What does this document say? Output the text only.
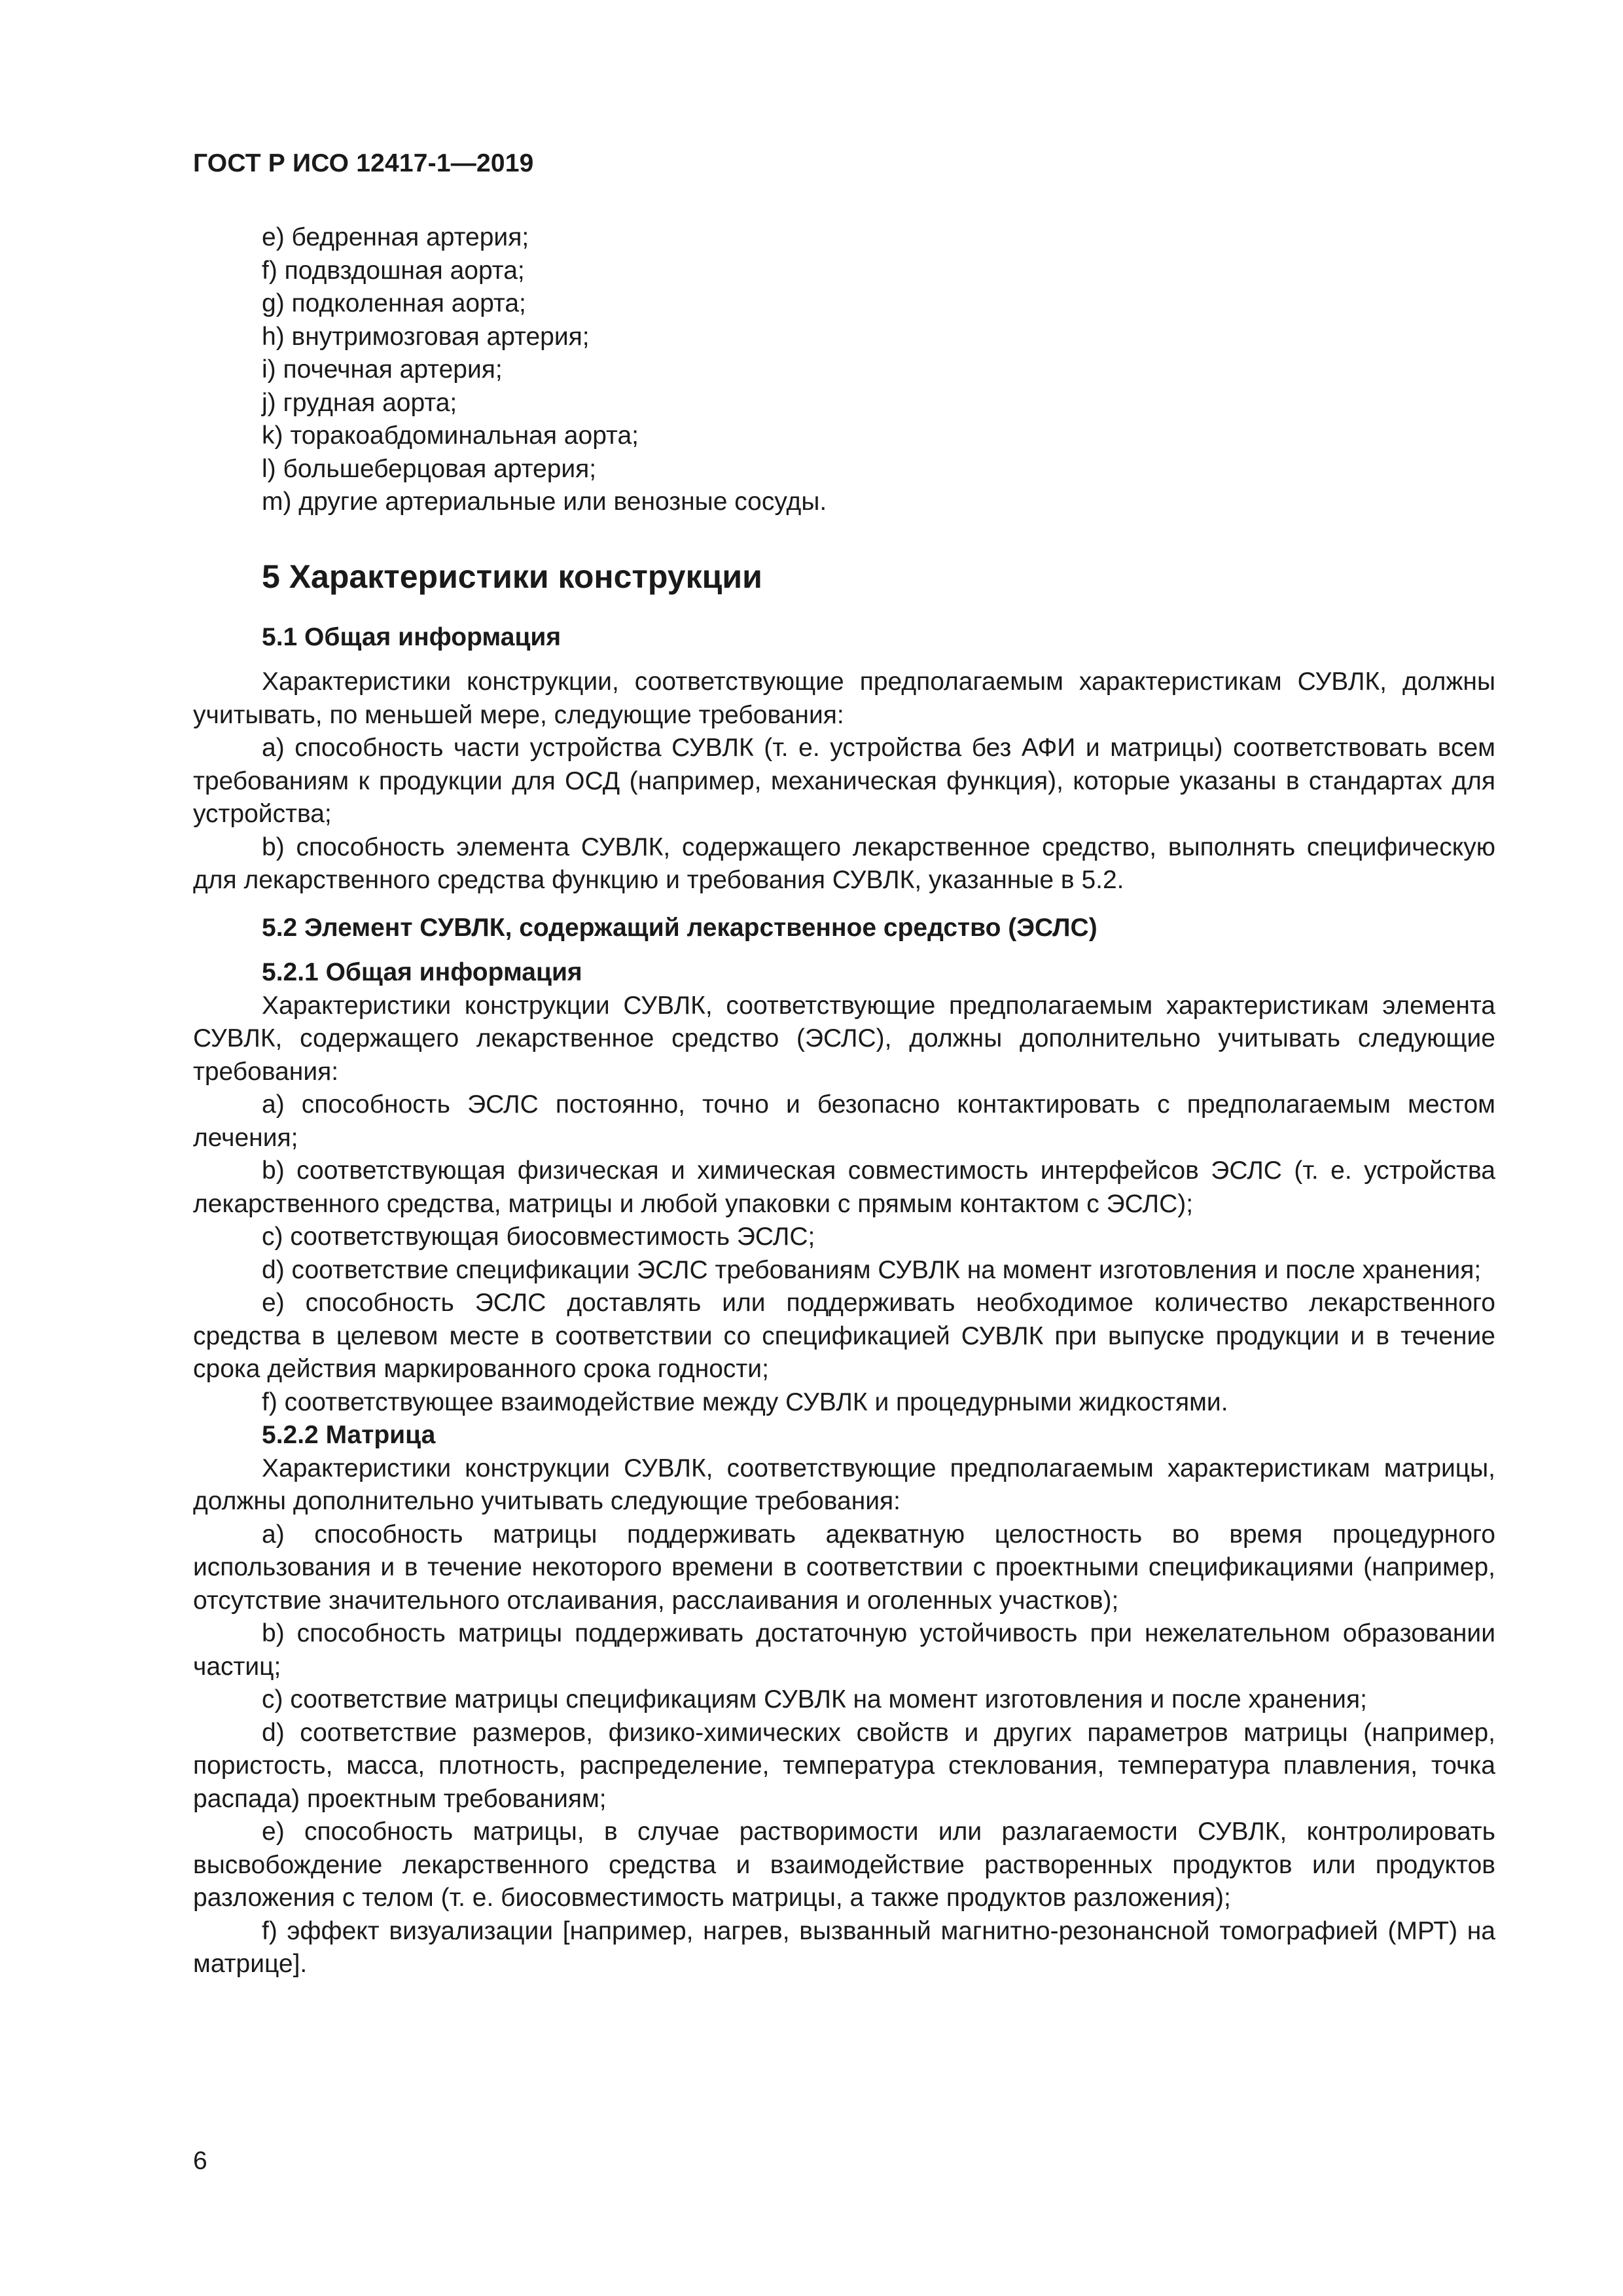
ГОСТ Р ИСО 12417-1—2019
e) бедренная артерия;
f) подвздошная аорта;
g) подколенная аорта;
h) внутримозговая артерия;
i) почечная артерия;
j) грудная аорта;
k) торакоабдоминальная аорта;
l) большеберцовая артерия;
m) другие артериальные или венозные сосуды.
5 Характеристики конструкции
5.1 Общая информация

Характеристики конструкции, соответствующие предполагаемым характеристикам СУВЛК, должны учитывать, по меньшей мере, следующие требования:

a) способность части устройства СУВЛК (т. е. устройства без АФИ и матрицы) соответствовать всем требованиям к продукции для ОСД (например, механическая функция), которые указаны в стандартах для устройства;

b) способность элемента СУВЛК, содержащего лекарственное средство, выполнять специфическую для лекарственного средства функцию и требования СУВЛК, указанные в 5.2.

5.2 Элемент СУВЛК, содержащий лекарственное средство (ЭСЛС)
5.2.1 Общая информация

Характеристики конструкции СУВЛК, соответствующие предполагаемым характеристикам элемента СУВЛК, содержащего лекарственное средство (ЭСЛС), должны дополнительно учитывать следующие требования:

a) способность ЭСЛС постоянно, точно и безопасно контактировать с предполагаемым местом лечения;

b) соответствующая физическая и химическая совместимость интерфейсов ЭСЛС (т. е. устройства лекарственного средства, матрицы и любой упаковки с прямым контактом с ЭСЛС);

c) соответствующая биосовместимость ЭСЛС;

d) соответствие спецификации ЭСЛС требованиям СУВЛК на момент изготовления и после хранения;

e) способность ЭСЛС доставлять или поддерживать необходимое количество лекарственного средства в целевом месте в соответствии со спецификацией СУВЛК при выпуске продукции и в течение срока действия маркированного срока годности;

f) соответствующее взаимодействие между СУВЛК и процедурными жидкостями.

5.2.2 Матрица

Характеристики конструкции СУВЛК, соответствующие предполагаемым характеристикам матрицы, должны дополнительно учитывать следующие требования:

a) способность матрицы поддерживать адекватную целостность во время процедурного использования и в течение некоторого времени в соответствии с проектными спецификациями (например, отсутствие значительного отслаивания, расслаивания и оголенных участков);

b) способность матрицы поддерживать достаточную устойчивость при нежелательном образовании частиц;

c) соответствие матрицы спецификациям СУВЛК на момент изготовления и после хранения;

d) соответствие размеров, физико-химических свойств и других параметров матрицы (например, пористость, масса, плотность, распределение, температура стеклования, температура плавления, точка распада) проектным требованиям;

e) способность матрицы, в случае растворимости или разлагаемости СУВЛК, контролировать высвобождение лекарственного средства и взаимодействие растворенных продуктов или продуктов разложения с телом (т. е. биосовместимость матрицы, а также продуктов разложения);

f) эффект визуализации [например, нагрев, вызванный магнитно-резонансной томографией (МРТ) на матрице].

6
